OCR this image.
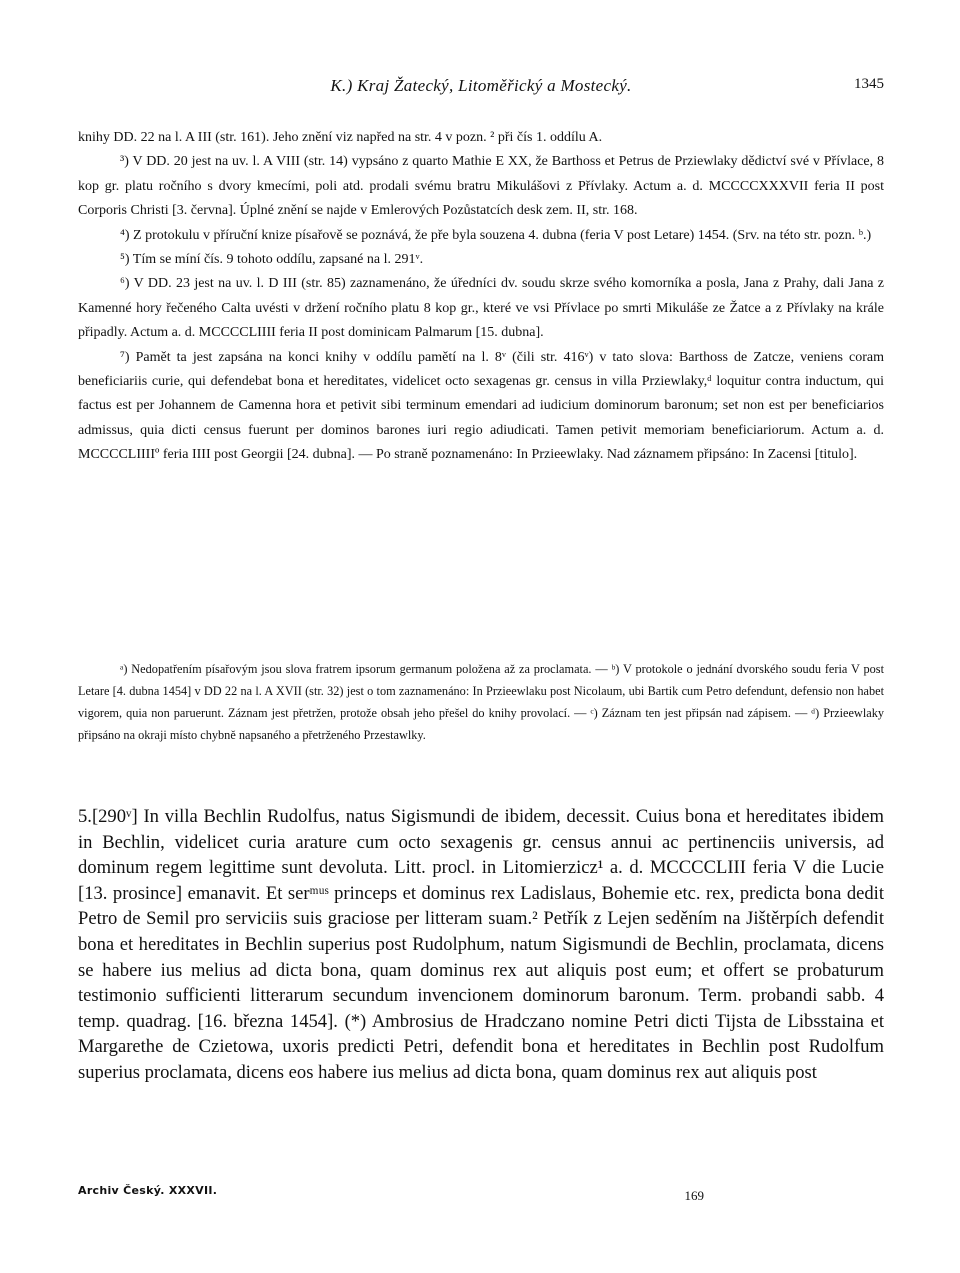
K.) Kraj Žatecký, Litoměřický a Mostecký.	1345

knihy DD. 22 na l. A III (str. 161). Jeho znění viz napřed na str. 4 v pozn. ² při čís 1. oddílu A.

³) V DD. 20 jest na uv. l. A VIII (str. 14) vypsáno z quarto Mathie E XX, že Barthoss et Petrus de Prziewlaky dědictví své v Přívlace, 8 kop gr. platu ročního s dvory kmecími, poli atd. prodali svému bratru Mikulášovi z Přívlaky. Actum a. d. MCCCCXXXVII feria II post Corporis Christi [3. června]. Úplné znění se najde v Emlerových Pozůstatcích desk zem. II, str. 168.

⁴) Z protokulu v příruční knize písařově se poznává, že pře byla souzena 4. dubna (feria V post Letare) 1454. (Srv. na této str. pozn. ᵇ.)

⁵) Tím se míní čís. 9 tohoto oddílu, zapsané na l. 291ᵛ.

⁶) V DD. 23 jest na uv. l. D III (str. 85) zaznamenáno, že úředníci dv. soudu skrze svého komorníka a posla, Jana z Prahy, dali Jana z Kamenné hory řečeného Calta uvésti v držení ročního platu 8 kop gr., které ve vsi Přívlace po smrti Mikuláše ze Žatce a z Přívlaky na krále připadly. Actum a. d. MCCCCLIIII feria II post dominicam Palmarum [15. dubna].

⁷) Pamět ta jest zapsána na konci knihy v oddílu pamětí na l. 8ᵛ (čili str. 416ᵛ) v tato slova: Barthoss de Zatcze, veniens coram beneficiariis curie, qui defendebat bona et hereditates, videlicet octo sexagenas gr. census in villa Prziewlaky,ᵈ loquitur contra inductum, qui factus est per Johannem de Camenna hora et petivit sibi terminum emendari ad iudicium dominorum baronum; set non est per beneficiarios admissus, quia dicti census fuerunt per dominos barones iuri regio adiudicati. Tamen petivit memoriam beneficiariorum. Actum a. d. MCCCCLIIIIº feria IIII post Georgii [24. dubna]. — Po straně poznamenáno: In Przieewlaky. Nad záznamem připsáno: In Zacensi [titulo].

ᵃ) Nedopatřením písařovým jsou slova fratrem ipsorum germanum položena až za proclamata. — ᵇ) V protokole o jednání dvorského soudu feria V post Letare [4. dubna 1454] v DD 22 na l. A XVII (str. 32) jest o tom zaznamenáno: In Przieewlaku post Nicolaum, ubi Bartik cum Petro defendunt, defensio non habet vigorem, quia non paruerunt. Záznam jest přetržen, protože obsah jeho přešel do knihy provolací. — ᶜ) Záznam ten jest připsán nad zápisem. — ᵈ) Przieewlaky připsáno na okraji místo chybně napsaného a přetrženého Przestawlky.

5.[290ᵛ] In villa Bechlin Rudolfus, natus Sigismundi de ibidem, decessit. Cuius bona et hereditates ibidem in Bechlin, videlicet curia arature cum octo sexagenis gr. census annui ac pertinenciis universis, ad dominum regem legittime sunt devoluta. Litt. procl. in Litomierzicz¹ a. d. MCCCCLIII feria V die Lucie [13. prosince] emanavit. Et serᵐᵘˢ princeps et dominus rex Ladislaus, Bohemie etc. rex, predicta bona dedit Petro de Semil pro serviciis suis graciose per litteram suam.² Petřík z Lejen seděním na Jištěrpích defendit bona et hereditates in Bechlin superius post Rudolphum, natum Sigismundi de Bechlin, proclamata, dicens se habere ius melius ad dicta bona, quam dominus rex aut aliquis post eum; et offert se probaturum testimonio sufficienti litterarum secundum invencionem dominorum baronum. Term. probandi sabb. 4 temp. quadrag. [16. března 1454]. (*) Ambrosius de Hradczano nomine Petri dicti Tijsta de Libsstaina et Margarethe de Czietowa, uxoris predicti Petri, defendit bona et hereditates in Bechlin post Rudolfum superius proclamata, dicens eos habere ius melius ad dicta bona, quam dominus rex aut aliquis post

Archiv Český. XXXVII.	169
